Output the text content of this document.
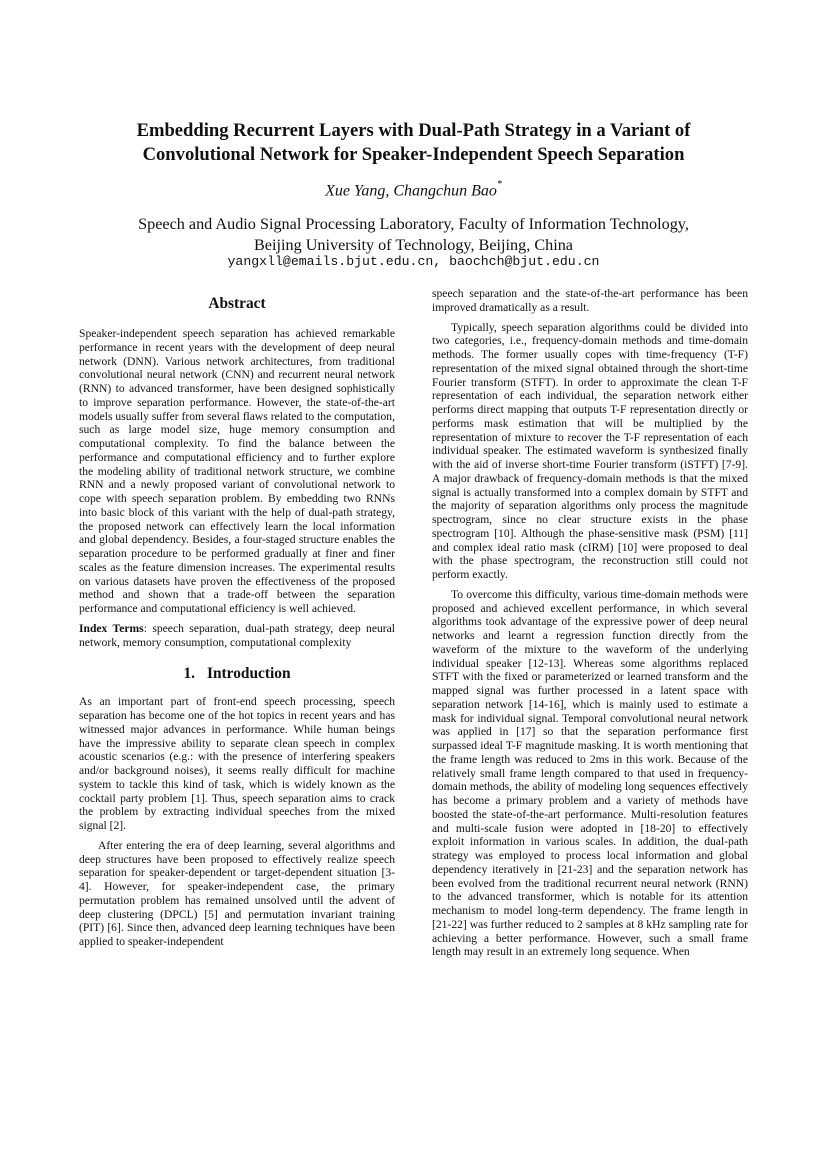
Embedding Recurrent Layers with Dual-Path Strategy in a Variant of
Convolutional Network for Speaker-Independent Speech Separation
Xue Yang, Changchun Bao*
Speech and Audio Signal Processing Laboratory, Faculty of Information Technology,
Beijing University of Technology, Beijing, China
yangxll@emails.bjut.edu.cn, baochch@bjut.edu.cn
Abstract

Speaker-independent speech separation has achieved remarkable performance in recent years with the development of deep neural network (DNN). Various network architectures, from traditional convolutional neural network (CNN) and recurrent neural network (RNN) to advanced transformer, have been designed sophistically to improve separation performance. However, the state-of-the-art models usually suffer from several flaws related to the computation, such as large model size, huge memory consumption and computational complexity. To find the balance between the performance and computational efficiency and to further explore the modeling ability of traditional network structure, we combine RNN and a newly proposed variant of convolutional network to cope with speech separation problem. By embedding two RNNs into basic block of this variant with the help of dual-path strategy, the proposed network can effectively learn the local information and global dependency. Besides, a four-staged structure enables the separation procedure to be performed gradually at finer and finer scales as the feature dimension increases. The experimental results on various datasets have proven the effectiveness of the proposed method and shown that a trade-off between the separation performance and computational efficiency is well achieved.

Index Terms: speech separation, dual-path strategy, deep neural network, memory consumption, computational complexity

1. Introduction

As an important part of front-end speech processing, speech separation has become one of the hot topics in recent years and has witnessed major advances in performance. While human beings have the impressive ability to separate clean speech in complex acoustic scenarios (e.g.: with the presence of interfering speakers and/or background noises), it seems really difficult for machine system to tackle this kind of task, which is widely known as the cocktail party problem [1]. Thus, speech separation aims to crack the problem by extracting individual speeches from the mixed signal [2].

After entering the era of deep learning, several algorithms and deep structures have been proposed to effectively realize speech separation for speaker-dependent or target-dependent situation [3-4]. However, for speaker-independent case, the primary permutation problem has remained unsolved until the advent of deep clustering (DPCL) [5] and permutation invariant training (PIT) [6]. Since then, advanced deep learning techniques have been applied to speaker-independent

speech separation and the state-of-the-art performance has been improved dramatically as a result.

Typically, speech separation algorithms could be divided into two categories, i.e., frequency-domain methods and time-domain methods. The former usually copes with time-frequency (T-F) representation of the mixed signal obtained through the short-time Fourier transform (STFT). In order to approximate the clean T-F representation of each individual, the separation network either performs direct mapping that outputs T-F representation directly or performs mask estimation that will be multiplied by the representation of mixture to recover the T-F representation of each individual speaker. The estimated waveform is synthesized finally with the aid of inverse short-time Fourier transform (iSTFT) [7-9]. A major drawback of frequency-domain methods is that the mixed signal is actually transformed into a complex domain by STFT and the majority of separation algorithms only process the magnitude spectrogram, since no clear structure exists in the phase spectrogram [10]. Although the phase-sensitive mask (PSM) [11] and complex ideal ratio mask (cIRM) [10] were proposed to deal with the phase spectrogram, the reconstruction still could not perform exactly.

To overcome this difficulty, various time-domain methods were proposed and achieved excellent performance, in which several algorithms took advantage of the expressive power of deep neural networks and learnt a regression function directly from the waveform of the mixture to the waveform of the underlying individual speaker [12-13]. Whereas some algorithms replaced STFT with the fixed or parameterized or learned transform and the mapped signal was further processed in a latent space with separation network [14-16], which is mainly used to estimate a mask for individual signal. Temporal convolutional neural network was applied in [17] so that the separation performance first surpassed ideal T-F magnitude masking. It is worth mentioning that the frame length was reduced to 2ms in this work. Because of the relatively small frame length compared to that used in frequency-domain methods, the ability of modeling long sequences effectively has become a primary problem and a variety of methods have boosted the state-of-the-art performance. Multi-resolution features and multi-scale fusion were adopted in [18-20] to effectively exploit information in various scales. In addition, the dual-path strategy was employed to process local information and global dependency iteratively in [21-23] and the separation network has been evolved from the traditional recurrent neural network (RNN) to the advanced transformer, which is notable for its attention mechanism to model long-term dependency. The frame length in [21-22] was further reduced to 2 samples at 8 kHz sampling rate for achieving a better performance. However, such a small frame length may result in an extremely long sequence. When
